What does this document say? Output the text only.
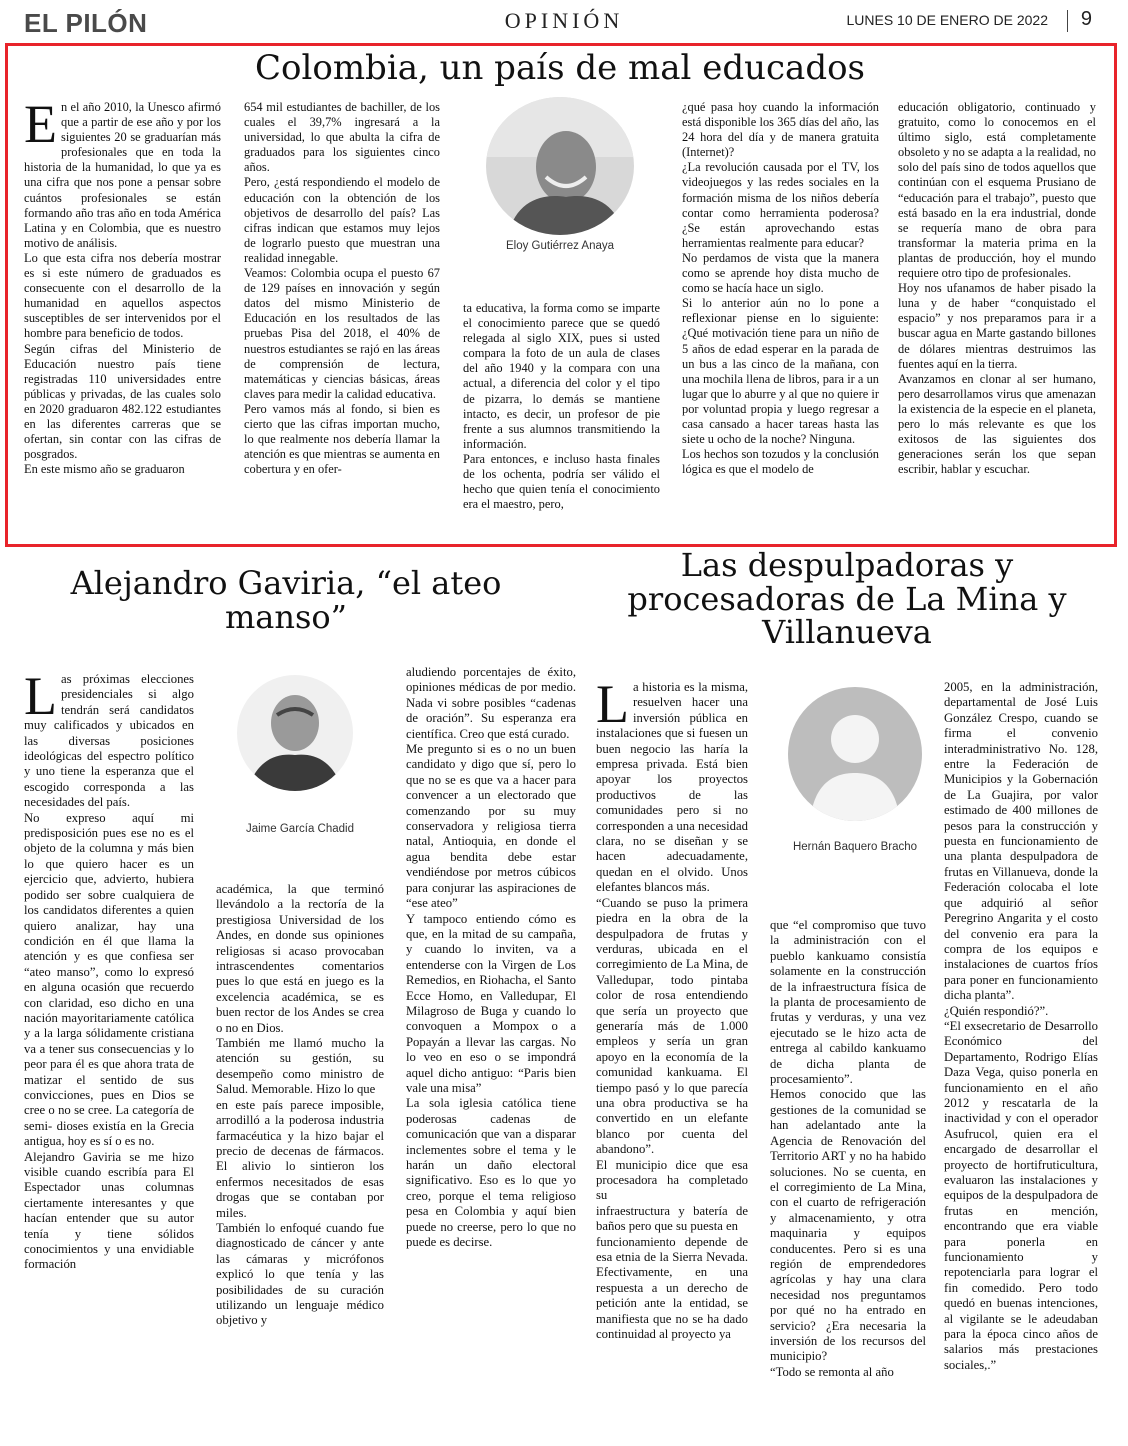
EL PILÓN	OPINIÓN	LUNES 10 DE ENERO DE 2022 9
Colombia, un país de mal educados
E n el año 2010, la Unesco afirmó que a partir de ese año y por los siguientes 20 se graduarían más profesionales que en toda la historia de la humanidad, lo que ya es una cifra que nos pone a pensar sobre cuántos profesionales se están formando año tras año en toda América Latina y en Colombia, que es nuestro motivo de análisis.

Lo que esta cifra nos debería mostrar es si este número de graduados es consecuente con el desarrollo de la humanidad en aquellos aspectos susceptibles de ser intervenidos por el hombre para beneficio de todos.

Según cifras del Ministerio de Educación nuestro país tiene registradas 110 universidades entre públicas y privadas, de las cuales solo en 2020 graduaron 482.122 estudiantes en las diferentes carreras que se ofertan, sin contar con las cifras de posgrados.

En este mismo año se graduaron

654 mil estudiantes de bachiller, de los cuales el 39,7% ingresará a la universidad, lo que abulta la cifra de graduados para los siguientes cinco años.

Pero, ¿está respondiendo el modelo de educación con la obtención de los objetivos de desarrollo del país? Las cifras indican que estamos muy lejos de lograrlo puesto que muestran una realidad innegable.

Veamos: Colombia ocupa el puesto 67 de 129 países en innovación y según datos del mismo Ministerio de Educación en los resultados de las pruebas Pisa del 2018, el 40% de nuestros estudiantes se rajó en las áreas de comprensión de lectura, matemáticas y ciencias básicas, áreas claves para medir la calidad educativa.

Pero vamos más al fondo, si bien es cierto que las cifras importan mucho, lo que realmente nos debería llamar la atención es que mientras se aumenta en cobertura y en ofer-

Eloy Gutiérrez Anaya

ta educativa, la forma como se imparte el conocimiento parece que se quedó relegada al siglo XIX, pues si usted compara la foto de un aula de clases del año 1940 y la compara con una actual, a diferencia del color y el tipo de pizarra, lo demás se mantiene intacto, es decir, un profesor de pie frente a sus alumnos transmitiendo la información.

Para entonces, e incluso hasta finales de los ochenta, podría ser válido el hecho que quien tenía el conocimiento era el maestro, pero,

¿qué pasa hoy cuando la información está disponible los 365 días del año, las 24 hora del día y de manera gratuita (Internet)?

¿La revolución causada por el TV, los videojuegos y las redes sociales en la formación misma de los niños debería contar como herramienta poderosa? ¿Se están aprovechando estas herramientas realmente para educar?

No perdamos de vista que la manera como se aprende hoy dista mucho de como se hacía hace un siglo.

Si lo anterior aún no lo pone a reflexionar piense en lo siguiente: ¿Qué motivación tiene para un niño de 5 años de edad esperar en la parada de un bus a las cinco de la mañana, con una mochila llena de libros, para ir a un lugar que lo aburre y al que no quiere ir por voluntad propia y luego regresar a casa cansado a hacer tareas hasta las siete u ocho de la noche? Ninguna.

Los hechos son tozudos y la conclusión lógica es que el modelo de

educación obligatorio, continuado y gratuito, como lo conocemos en el último siglo, está completamente obsoleto y no se adapta a la realidad, no solo del país sino de todos aquellos que continúan con el esquema Prusiano de “educación para el trabajo”, puesto que está basado en la era industrial, donde se requería mano de obra para transformar la materia prima en la plantas de producción, hoy el mundo requiere otro tipo de profesionales.

Hoy nos ufanamos de haber pisado la luna y de haber “conquistado el espacio” y nos preparamos para ir a buscar agua en Marte gastando billones de dólares mientras destruimos las fuentes aquí en la tierra.

Avanzamos en clonar al ser humano, pero desarrollamos virus que amenazan la existencia de la especie en el planeta, pero lo más relevante es que los exitosos de las siguientes dos generaciones serán los que sepan escribir, hablar y escuchar.

Alejandro Gaviria, “el ateo manso”
L as próximas elecciones presidenciales si algo tendrán será candidatos muy calificados y ubicados en las diversas posiciones ideológicas del espectro político y uno tiene la esperanza que el escogido corresponda a las necesidades del país.

No expreso aquí mi predisposición pues ese no es el objeto de la columna y más bien lo que quiero hacer es un ejercicio que, advierto, hubiera podido ser sobre cualquiera de los candidatos diferentes a quien quiero analizar, hay una condición en él que llama la atención y es que confiesa ser “ateo manso”, como lo expresó en alguna ocasión que recuerdo con claridad, eso dicho en una nación mayoritariamente católica y a la larga sólidamente cristiana va a tener sus consecuencias y lo peor para él es que ahora trata de matizar el sentido de sus convicciones, pues en Dios se cree o no se cree. La categoría de semi- dioses existía en la Grecia antigua, hoy es sí o es no.

Alejandro Gaviria se me hizo visible cuando escribía para El Espectador unas columnas ciertamente interesantes y que hacían entender que su autor tenía y tiene sólidos conocimientos y una envidiable formación

Jaime García Chadid

académica, la que terminó llevándolo a la rectoría de la prestigiosa Universidad de los Andes, en donde sus opiniones religiosas si acaso provocaban intrascendentes comentarios pues lo que está en juego es la excelencia académica, se es buen rector de los Andes se crea o no en Dios.

También me llamó mucho la atención su gestión, su desempeño como ministro de Salud. Memorable. Hizo lo que

en este país parece imposible, arrodilló a la poderosa industria farmacéutica y la hizo bajar el precio de decenas de fármacos. El alivio lo sintieron los enfermos necesitados de esas drogas que se contaban por miles.

También lo enfoqué cuando fue diagnosticado de cáncer y ante las cámaras y micrófonos explicó lo que tenía y las posibilidades de su curación utilizando un lenguaje médico objetivo y

aludiendo porcentajes de éxito, opiniones médicas de por medio. Nada vi sobre posibles “cadenas de oración”. Su esperanza era científica. Creo que está curado.

Me pregunto si es o no un buen candidato y digo que sí, pero lo que no se es que va a hacer para convencer a un electorado que comenzando por su muy conservadora y religiosa tierra natal, Antioquia, en donde el agua bendita debe estar vendiéndose por metros cúbicos para conjurar las aspiraciones de “ese ateo”

Y tampoco entiendo cómo es que, en la mitad de su campaña, y cuando lo inviten, va a entenderse con la Virgen de Los Remedios, en Riohacha, el Santo Ecce Homo, en Valledupar, El Milagroso de Buga y cuando lo convoquen a Mompox o a Popayán a llevar las cargas. No lo veo en eso o se impondrá aquel dicho antiguo: “Paris bien vale una misa”

La sola iglesia católica tiene poderosas cadenas de comunicación que van a disparar inclementes sobre el tema y le harán un daño electoral significativo. Eso es lo que yo creo, porque el tema religioso pesa en Colombia y aquí bien puede no creerse, pero lo que no puede es decirse.

Las despulpadoras y procesadoras de La Mina y Villanueva
L a historia es la misma, resuelven hacer una inversión pública en instalaciones que si fuesen un buen negocio las haría la empresa privada. Está bien apoyar los proyectos productivos de las comunidades pero si no corresponden a una necesidad clara, no se diseñan y se hacen adecuadamente, quedan en el olvido. Unos elefantes blancos más.

“Cuando se puso la primera piedra en la obra de la despulpadora de frutas y verduras, ubicada en el corregimiento de La Mina, de Valledupar, todo pintaba color de rosa entendiendo que sería un proyecto que generaría más de 1.000 empleos y sería un gran apoyo en la economía de la comunidad kankuama. El tiempo pasó y lo que parecía una obra productiva se ha convertido en un elefante blanco por cuenta del abandono”.

El municipio dice que esa procesadora ha completado su

infraestructura y batería de baños pero que su puesta en

funcionamiento depende de esa etnia de la Sierra Nevada. Efectivamente, en una respuesta a un derecho de petición ante la entidad, se manifiesta que no se ha dado continuidad al proyecto ya

Hernán Baquero Bracho

que “el compromiso que tuvo la administración con el pueblo kankuamo consistía solamente en la construcción de la infraestructura física de la planta de procesamiento de frutas y verduras, y una vez ejecutado se le hizo acta de entrega al cabildo kankuamo de dicha planta de procesamiento”.

Hemos conocido que las gestiones de la comunidad se han adelantado ante la Agencia de Renovación del Territorio ART y no ha habido soluciones. No se cuenta, en el corregimiento de La Mina, con el cuarto de refrigeración y almacenamiento, y otra maquinaria y equipos conducentes. Pero si es una región de emprendedores agrícolas y hay una clara necesidad nos preguntamos por qué no ha entrado en servicio? ¿Era necesaria la inversión de los recursos del municipio?

“Todo se remonta al año

2005, en la administración, departamental de José Luis González Crespo, cuando se firma el convenio interadministrativo No. 128, entre la Federación de Municipios y la Gobernación de La Guajira, por valor estimado de 400 millones de pesos para la construcción y puesta en funcionamiento de una planta despulpadora de frutas en Villanueva, donde la Federación colocaba el lote que adquirió al señor Peregrino Angarita y el costo del convenio era para la compra de los equipos e instalaciones de cuartos fríos para poner en funcionamiento dicha planta”.

¿Quién respondió?”.

“El exsecretario de Desarrollo Económico del Departamento, Rodrigo Elías Daza Vega, quiso ponerla en funcionamiento en el año 2012 y rescatarla de la inactividad y con el operador Asufrucol, quien era el encargado de desarrollar el proyecto de hortifruticultura, evaluaron las instalaciones y equipos de la despulpadora de frutas en mención, encontrando que era viable para ponerla en funcionamiento y repotenciarla para lograr el fin comedido. Pero todo quedó en buenas intenciones, al vigilante se le adeudaban para la época cinco años de salarios más prestaciones sociales,.”
